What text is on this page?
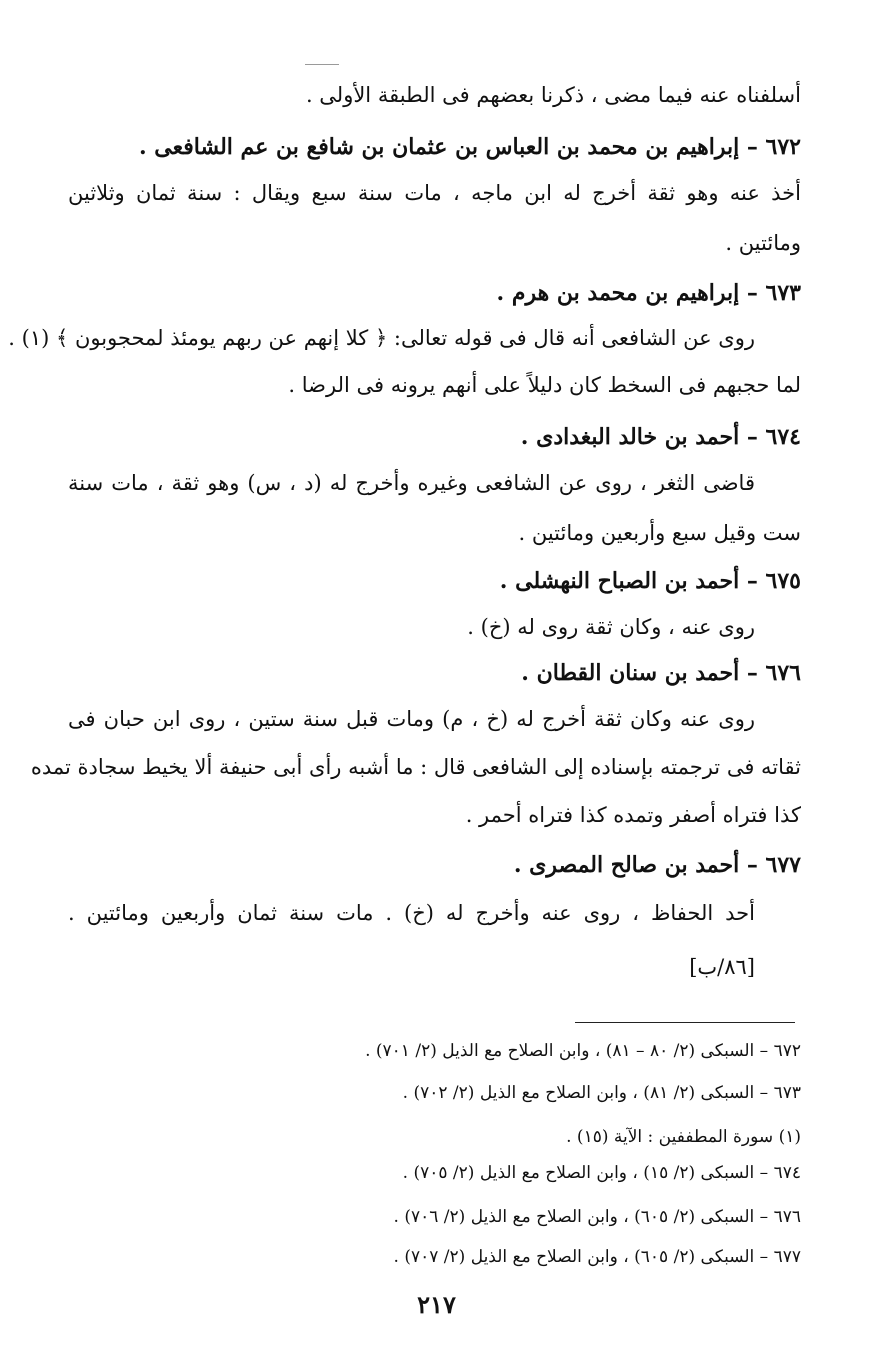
أسلفناه عنه فيما مضى ، ذكرنا بعضهم فى الطبقة الأولى .
٦٧٢ – إبراهيم بن محمد بن العباس بن عثمان بن شافع بن عم الشافعى .
أخذ عنه وهو ثقة أخرج له ابن ماجه ، مات سنة سبع ويقال : سنة ثمان وثلاثين
ومائتين .
٦٧٣ – إبراهيم بن محمد بن هرم .
روى عن الشافعى أنه قال فى قوله تعالى: ﴿ كلا إنهم عن ربهم يومئذ لمحجوبون ﴾ (١) .
لما حجبهم فى السخط كان دليلاً على أنهم يرونه فى الرضا .
٦٧٤ – أحمد بن خالد البغدادى .
قاضى الثغر ، روى عن الشافعى وغيره وأخرج له (د ، س) وهو ثقة ، مات سنة
ست وقيل سبع وأربعين ومائتين .
٦٧٥ – أحمد بن الصباح النهشلى .
روى عنه ، وكان ثقة روى له (خ) .
٦٧٦ – أحمد بن سنان القطان .
روى عنه وكان ثقة أخرج له (خ ، م) ومات قبل سنة ستين ، روى ابن حبان فى
ثقاته فى ترجمته بإسناده إلى الشافعى قال : ما أشبه رأى أبى حنيفة ألا يخيط سجادة تمده
كذا فتراه أصفر وتمده كذا فتراه أحمر .
٦٧٧ – أحمد بن صالح المصرى .
أحد الحفاظ ، روى عنه وأخرج له (خ) . مات سنة ثمان وأربعين ومائتين .
[٨٦/ب]
٦٧٢ – السبكى (٢/ ٨٠ – ٨١) ، وابن الصلاح مع الذيل (٢/ ٧٠١) .
٦٧٣ – السبكى (٢/ ٨١) ، وابن الصلاح مع الذيل (٢/ ٧٠٢) .
(١) سورة المطففين : الآية (١٥) .
٦٧٤ – السبكى (٢/ ١٥) ، وابن الصلاح مع الذيل (٢/ ٧٠٥) .
٦٧٦ – السبكى (٢/ ٦٠٥) ، وابن الصلاح مع الذيل (٢/ ٧٠٦) .
٦٧٧ – السبكى (٢/ ٦٠٥) ، وابن الصلاح مع الذيل (٢/ ٧٠٧) .
٢١٧
